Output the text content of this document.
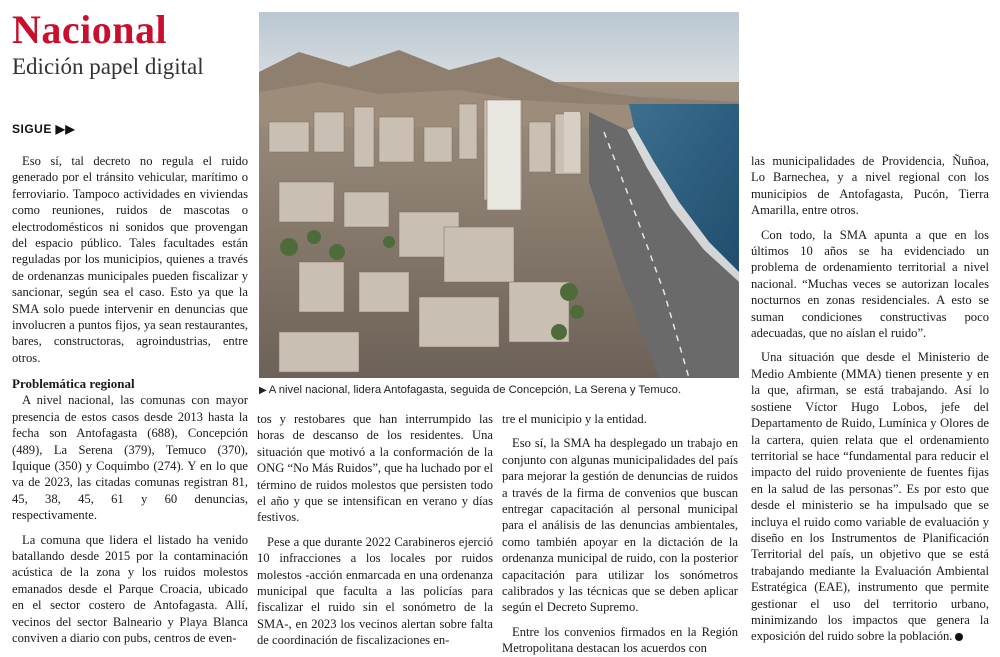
Nacional
Edición papel digital
SIGUE ▶▶
▶ A nivel nacional, lidera Antofagasta, seguida de Concepción, La Serena y Temuco.

Eso sí, tal decreto no regula el ruido generado por el tránsito vehicular, marítimo o ferroviario. Tampoco actividades en viviendas como reuniones, ruidos de mascotas o electrodomésticos ni sonidos que provengan del espacio público. Tales facultades están reguladas por los municipios, quienes a través de ordenanzas municipales pueden fiscalizar y sancionar, según sea el caso. Esto ya que la SMA solo puede intervenir en denuncias que involucren a puntos fijos, ya sean restaurantes, bares, constructoras, agroindustrias, entre otros.

Problemática regional

A nivel nacional, las comunas con mayor presencia de estos casos desde 2013 hasta la fecha son Antofagasta (688), Concepción (489), La Serena (379), Temuco (370), Iquique (350) y Coquimbo (274). Y en lo que va de 2023, las citadas comunas registran 81, 45, 38, 45, 61 y 60 denuncias, respectivamente.

La comuna que lidera el listado ha venido batallando desde 2015 por la contaminación acústica de la zona y los ruidos molestos emanados desde el Parque Croacia, ubicado en el sector costero de Antofagasta. Allí, vecinos del sector Balneario y Playa Blanca conviven a diario con pubs, centros de even-

tos y restobares que han interrumpido las horas de descanso de los residentes. Una situación que motivó a la conformación de la ONG “No Más Ruidos”, que ha luchado por el término de ruidos molestos que persisten todo el año y que se intensifican en verano y días festivos.

Pese a que durante 2022 Carabineros ejerció 10 infracciones a los locales por ruidos molestos -acción enmarcada en una ordenanza municipal que faculta a las policías para fiscalizar el ruido sin el sonómetro de la SMA-, en 2023 los vecinos alertan sobre falta de coordinación de fiscalizaciones en-

tre el municipio y la entidad.

Eso sí, la SMA ha desplegado un trabajo en conjunto con algunas municipalidades del país para mejorar la gestión de denuncias de ruidos a través de la firma de convenios que buscan entregar capacitación al personal municipal para el análisis de las denuncias ambientales, como también apoyar en la dictación de la ordenanza municipal de ruido, con la posterior capacitación para utilizar los sonómetros calibrados y las técnicas que se deben aplicar según el Decreto Supremo.

Entre los convenios firmados en la Región Metropolitana destacan los acuerdos con

las municipalidades de Providencia, Ñuñoa, Lo Barnechea, y a nivel regional con los municipios de Antofagasta, Pucón, Tierra Amarilla, entre otros.

Con todo, la SMA apunta a que en los últimos 10 años se ha evidenciado un problema de ordenamiento territorial a nivel nacional. “Muchas veces se autorizan locales nocturnos en zonas residenciales. A esto se suman condiciones constructivas poco adecuadas, que no aíslan el ruido”.

Una situación que desde el Ministerio de Medio Ambiente (MMA) tienen presente y en la que, afirman, se está trabajando. Así lo sostiene Víctor Hugo Lobos, jefe del Departamento de Ruido, Lumínica y Olores de la cartera, quien relata que el ordenamiento territorial se hace “fundamental para reducir el impacto del ruido proveniente de fuentes fijas en la salud de las personas”. Es por esto que desde el ministerio se ha impulsado que se incluya el ruido como variable de evaluación y diseño en los Instrumentos de Planificación Territorial del país, un objetivo que se está trabajando mediante la Evaluación Ambiental Estratégica (EAE), instrumento que permite gestionar el uso del territorio urbano, minimizando los impactos que genera la exposición del ruido sobre la población.
